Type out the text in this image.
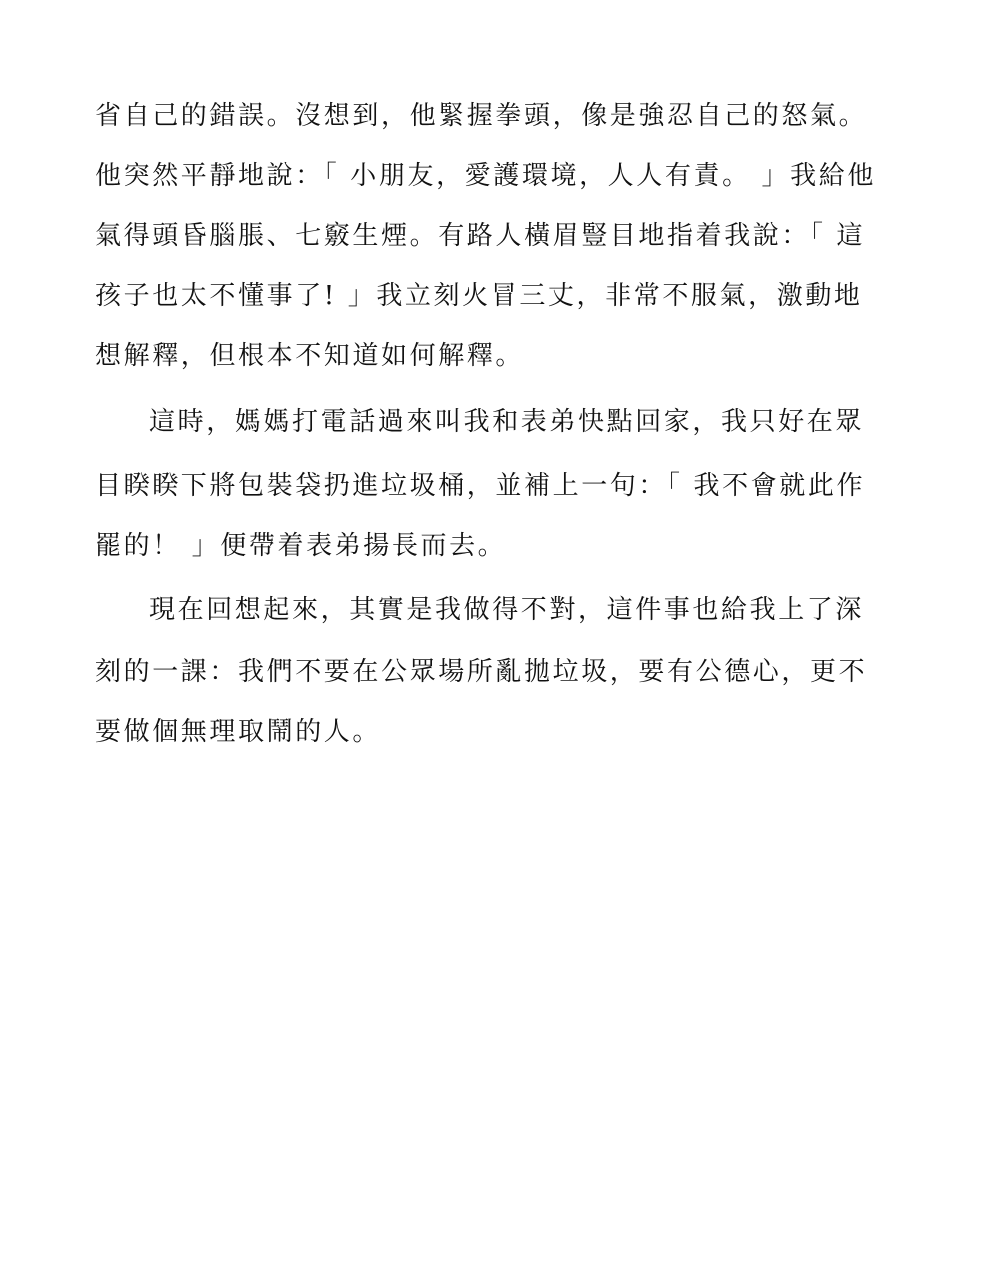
省自己的錯誤。沒想到，他緊握拳頭，像是強忍自己的怒氣。
他突然平靜地說：「 小朋友，愛護環境，人人有責。 」我給他
氣得頭昏腦脹、七竅生煙。有路人橫眉豎目地指着我說：「 這
孩子也太不懂事了! 」我立刻火冒三丈，非常不服氣，激動地
想解釋，但根本不知道如何解釋。
這時，媽媽打電話過來叫我和表弟快點回家，我只好在眾
目睽睽下將包裝袋扔進垃圾桶，並補上一句：「 我不會就此作
罷的！ 」便帶着表弟揚長而去。
現在回想起來，其實是我做得不對，這件事也給我上了深
刻的一課：我們不要在公眾場所亂拋垃圾，要有公德心，更不
要做個無理取鬧的人。
